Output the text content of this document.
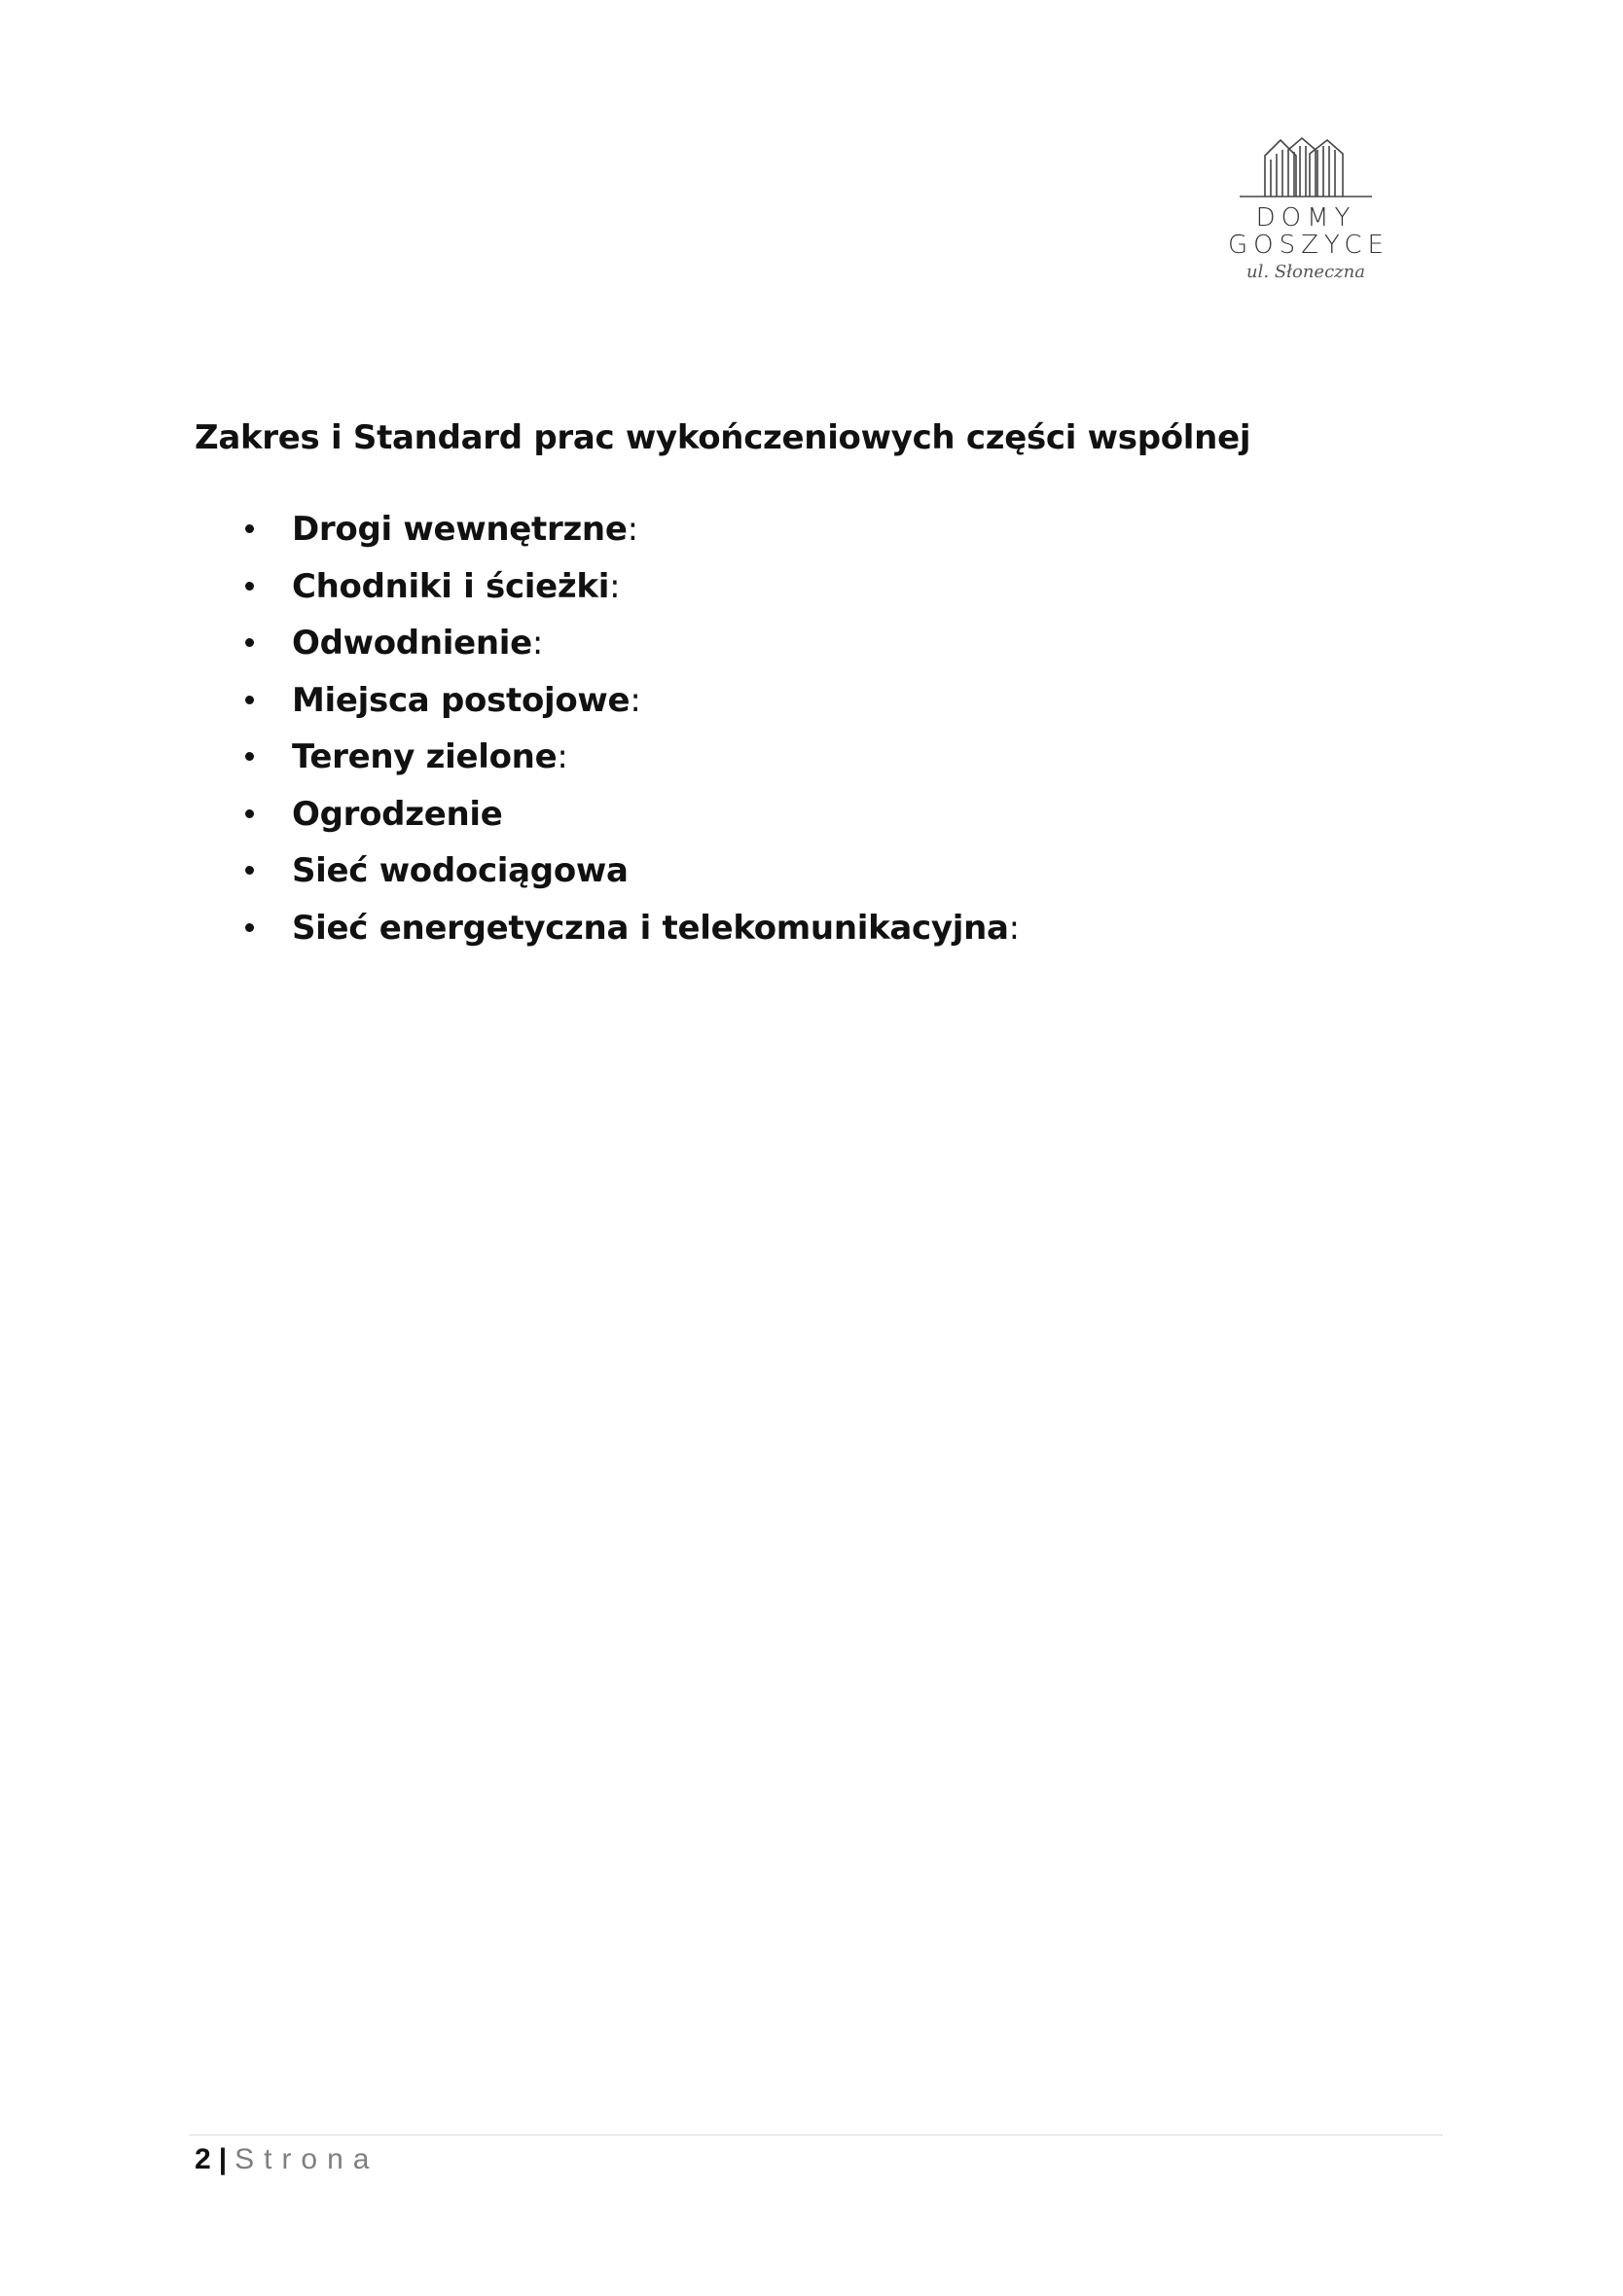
DOMY
GOSZYCE
ul. Słoneczna
Zakres i Standard prac wykończeniowych części wspólnej
Drogi wewnętrzne:
Chodniki i ścieżki:
Odwodnienie:
Miejsca postojowe:
Tereny zielone:
Ogrodzenie
Sieć wodociągowa
Sieć energetyczna i telekomunikacyjna:
2 | Strona
